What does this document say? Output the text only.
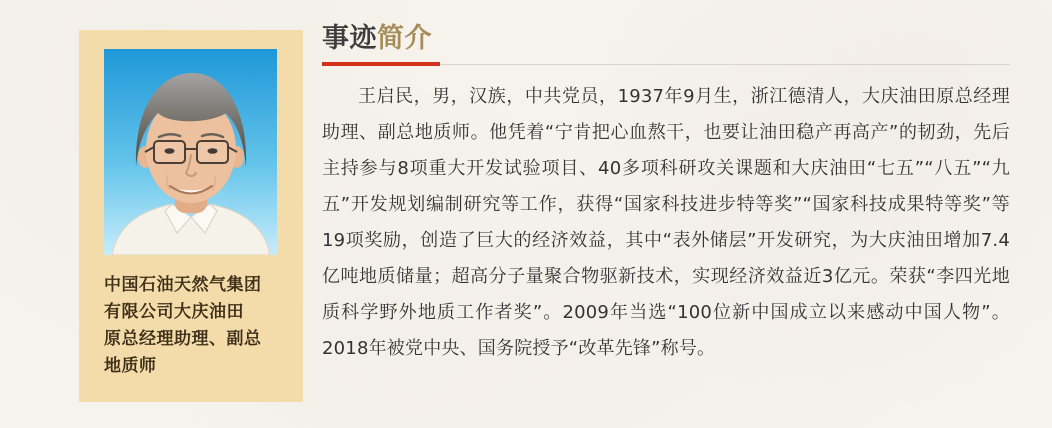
中国石油天然气集团有限公司大庆油田

原总经理助理、副总地质师

事迹简介

王启民，男，汉族，中共党员，1937年9月生，浙江德清人，大庆油田原总经理助理、副总地质师。他凭着“宁肯把心血熬干，也要让油田稳产再高产”的韧劲，先后主持参与8项重大开发试验项目、40多项科研攻关课题和大庆油田“七五”“八五”“九五”开发规划编制研究等工作，获得“国家科技进步特等奖”“国家科技成果特等奖”等19项奖励，创造了巨大的经济效益，其中“表外储层”开发研究，为大庆油田增加7.4亿吨地质储量；超高分子量聚合物驱新技术，实现经济效益近3亿元。荣获“李四光地质科学野外地质工作者奖”。2009年当选“100位新中国成立以来感动中国人物”。2018年被党中央、国务院授予“改革先锋”称号。
